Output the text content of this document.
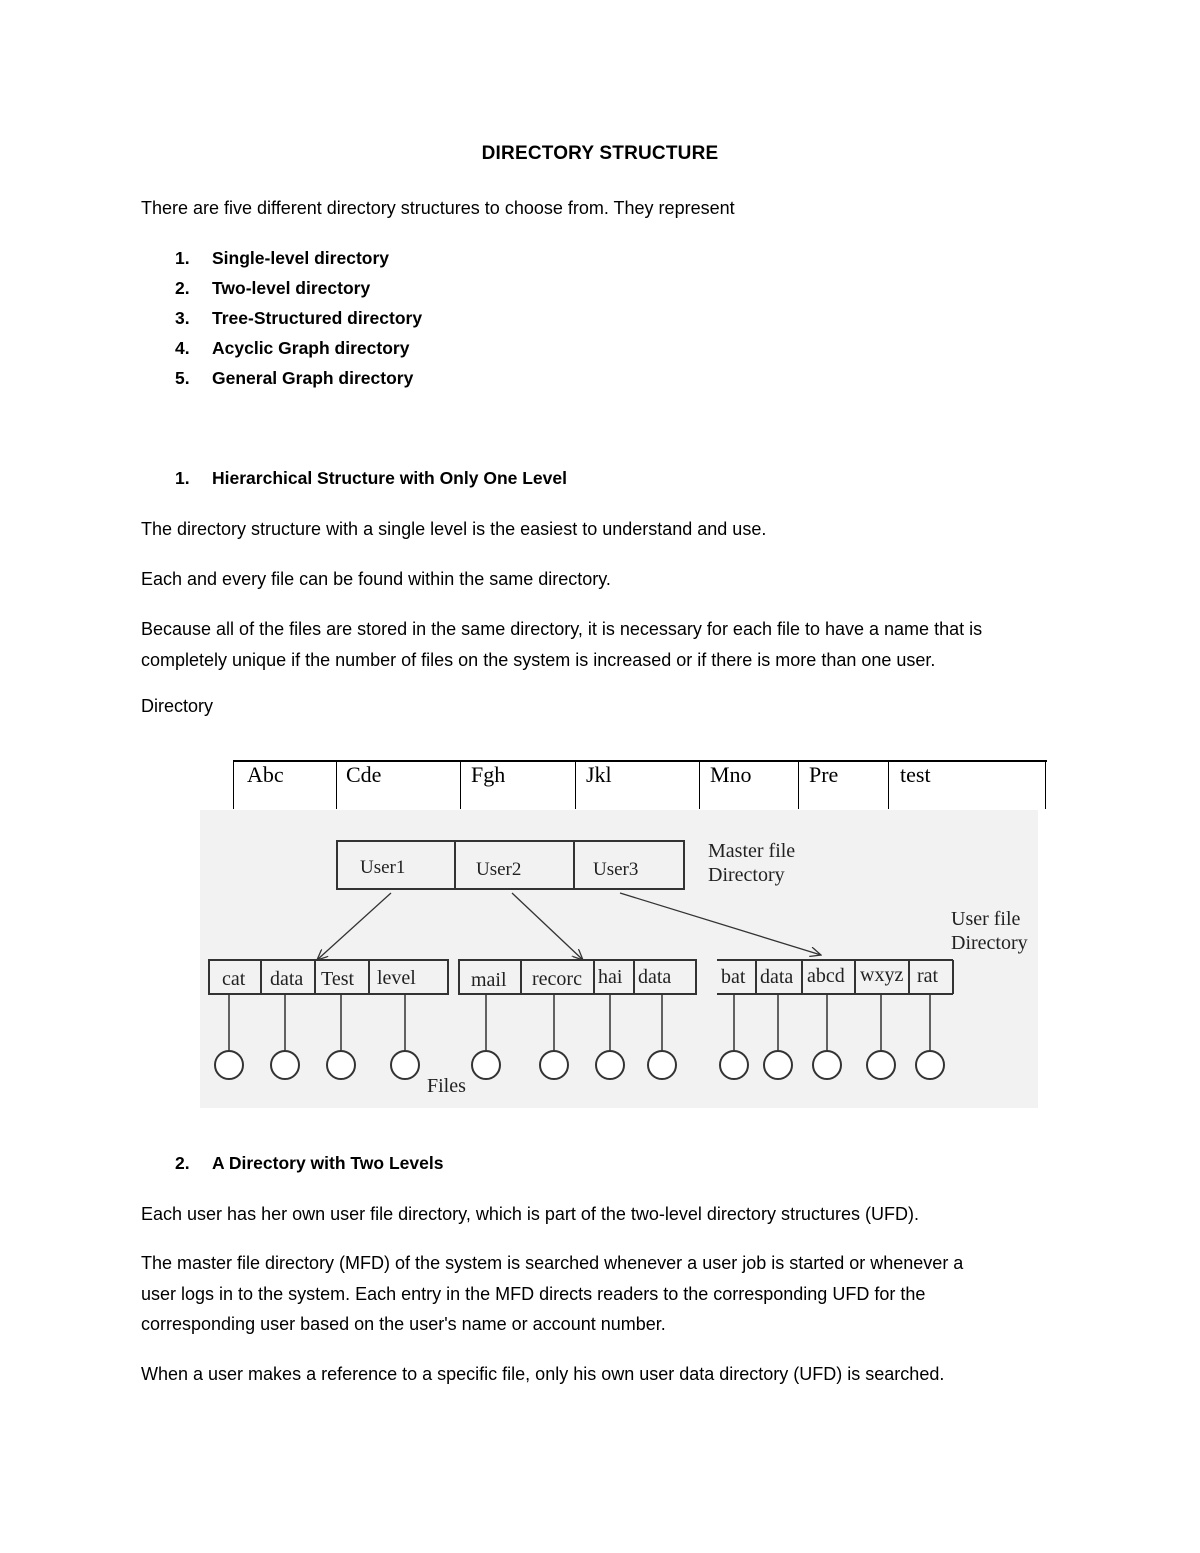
DIRECTORY STRUCTURE
There are five different directory structures to choose from. They represent
1.	Single-level directory
2.	Two-level directory
3.	Tree-Structured directory
4.	Acyclic Graph directory
5.	General Graph directory
1.	Hierarchical Structure with Only One Level
The directory structure with a single level is the easiest to understand and use.
Each and every file can be found within the same directory.
Because all of the files are stored in the same directory, it is necessary for each file to have a name that is
completely unique if the number of files on the system is increased or if there is more than one user.
Directory
Abc	Cde	Fgh	Jkl	Mno	Pre	test
User1	User2	User3
Master file
Directory
User file
Directory
cat data Test level	mail recorc hai data bat data abcd wxyz rat
Files
2.	A Directory with Two Levels
Each user has her own user file directory, which is part of the two-level directory structures (UFD).
The master file directory (MFD) of the system is searched whenever a user job is started or whenever a
user logs in to the system. Each entry in the MFD directs readers to the corresponding UFD for the
corresponding user based on the user's name or account number.
When a user makes a reference to a specific file, only his own user data directory (UFD) is searched.
